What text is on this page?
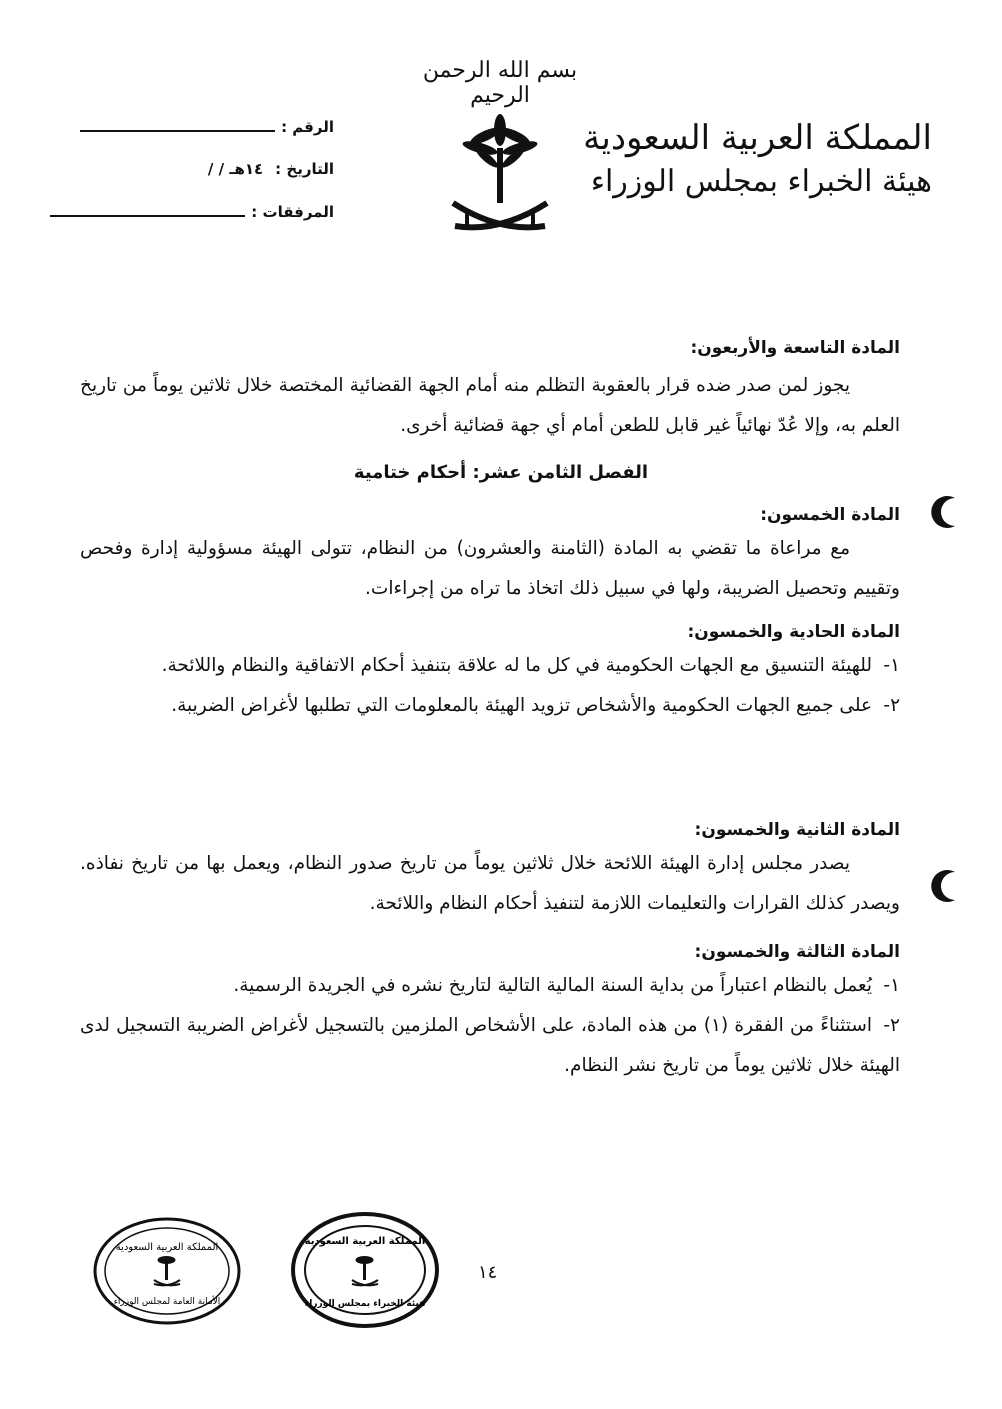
بسم الله الرحمن الرحيم
المملكة العربية السعودية
هيئة الخبراء بمجلس الوزراء
الرقم :
التاريخ :
/ / ١٤هـ
المرفقات :
المادة التاسعة والأربعون:
يجوز لمن صدر ضده قرار بالعقوبة التظلم منه أمام الجهة القضائية المختصة خلال ثلاثين يوماً من تاريخ العلم به، وإلا عُدّ نهائياً غير قابل للطعن أمام أي جهة قضائية أخرى.
الفصل الثامن عشر: أحكام ختامية
المادة الخمسون:
مع مراعاة ما تقضي به المادة (الثامنة والعشرون) من النظام، تتولى الهيئة مسؤولية إدارة وفحص وتقييم وتحصيل الضريبة، ولها في سبيل ذلك اتخاذ ما تراه من إجراءات.
المادة الحادية والخمسون:
١-للهيئة التنسيق مع الجهات الحكومية في كل ما له علاقة بتنفيذ أحكام الاتفاقية والنظام واللائحة.
٢-على جميع الجهات الحكومية والأشخاص تزويد الهيئة بالمعلومات التي تطلبها لأغراض الضريبة.
المادة الثانية والخمسون:
يصدر مجلس إدارة الهيئة اللائحة خلال ثلاثين يوماً من تاريخ صدور النظام، ويعمل بها من تاريخ نفاذه. ويصدر كذلك القرارات والتعليمات اللازمة لتنفيذ أحكام النظام واللائحة.
المادة الثالثة والخمسون:
١-يُعمل بالنظام اعتباراً من بداية السنة المالية التالية لتاريخ نشره في الجريدة الرسمية.
٢-استثناءً من الفقرة (١) من هذه المادة، على الأشخاص الملزمين بالتسجيل لأغراض الضريبة التسجيل لدى الهيئة خلال ثلاثين يوماً من تاريخ نشر النظام.
١٤
المملكة العربية السعودية
الأمانة العامة لمجلس الوزراء
المملكة العربية السعودية
هيئة الخبراء بمجلس الوزراء
